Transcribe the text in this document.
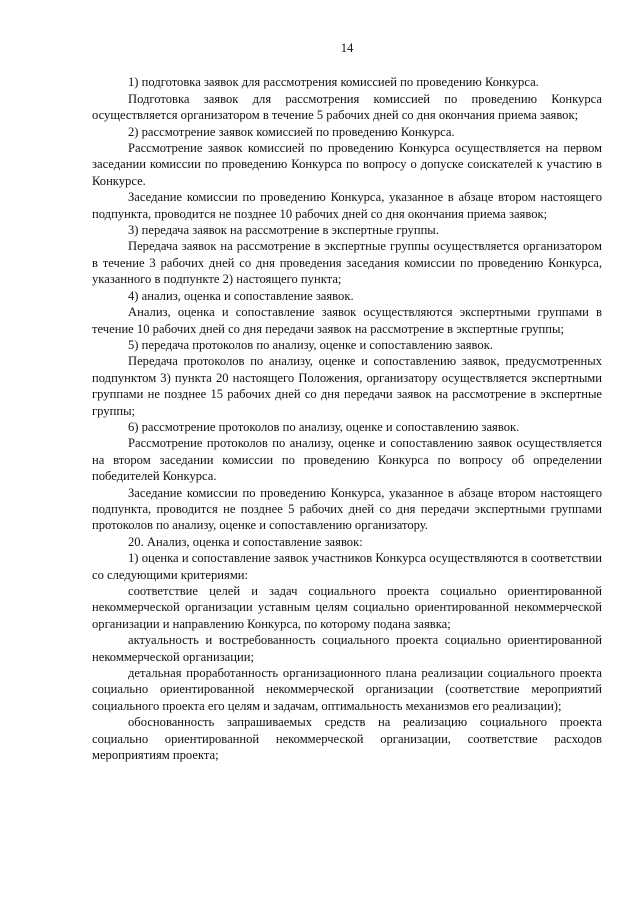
14

1) подготовка заявок для рассмотрения комиссией по проведению Конкурса.

Подготовка заявок для рассмотрения комиссией по проведению Конкурса осуществляется организатором в течение 5 рабочих дней со дня окончания приема заявок;

2) рассмотрение заявок комиссией по проведению Конкурса.

Рассмотрение заявок комиссией по проведению Конкурса осуществляется на первом заседании комиссии по проведению Конкурса по вопросу о допуске соискателей к участию в Конкурсе.

Заседание комиссии по проведению Конкурса, указанное в абзаце втором настоящего подпункта, проводится не позднее 10 рабочих дней со дня окончания приема заявок;

3) передача заявок на рассмотрение в экспертные группы.

Передача заявок на рассмотрение в экспертные группы осуществляется организатором в течение 3 рабочих дней со дня проведения заседания комиссии по проведению Конкурса, указанного в подпункте 2) настоящего пункта;

4) анализ, оценка и сопоставление заявок.

Анализ, оценка и сопоставление заявок осуществляются экспертными группами в течение 10 рабочих дней со дня передачи заявок на рассмотрение в экспертные группы;

5) передача протоколов по анализу, оценке и сопоставлению заявок.

Передача протоколов по анализу, оценке и сопоставлению заявок, предусмотренных подпунктом 3) пункта 20 настоящего Положения, организатору осуществляется экспертными группами не позднее 15 рабочих дней со дня передачи заявок на рассмотрение в экспертные группы;

6) рассмотрение протоколов по анализу, оценке и сопоставлению заявок.

Рассмотрение протоколов по анализу, оценке и сопоставлению заявок осуществляется на втором заседании комиссии по проведению Конкурса по вопросу об определении победителей Конкурса.

Заседание комиссии по проведению Конкурса, указанное в абзаце втором настоящего подпункта, проводится не позднее 5 рабочих дней со дня передачи экспертными группами протоколов по анализу, оценке и сопоставлению организатору.

20. Анализ, оценка и сопоставление заявок:

1) оценка и сопоставление заявок участников Конкурса осуществляются в соответствии со следующими критериями:

соответствие целей и задач социального проекта социально ориентированной некоммерческой организации уставным целям социально ориентированной некоммерческой организации и направлению Конкурса, по которому подана заявка;

актуальность и востребованность социального проекта социально ориентированной некоммерческой организации;

детальная проработанность организационного плана реализации социального проекта социально ориентированной некоммерческой организации (соответствие мероприятий социального проекта его целям и задачам, оптимальность механизмов его реализации);

обоснованность запрашиваемых средств на реализацию социального проекта социально ориентированной некоммерческой организации, соответствие расходов мероприятиям проекта;
